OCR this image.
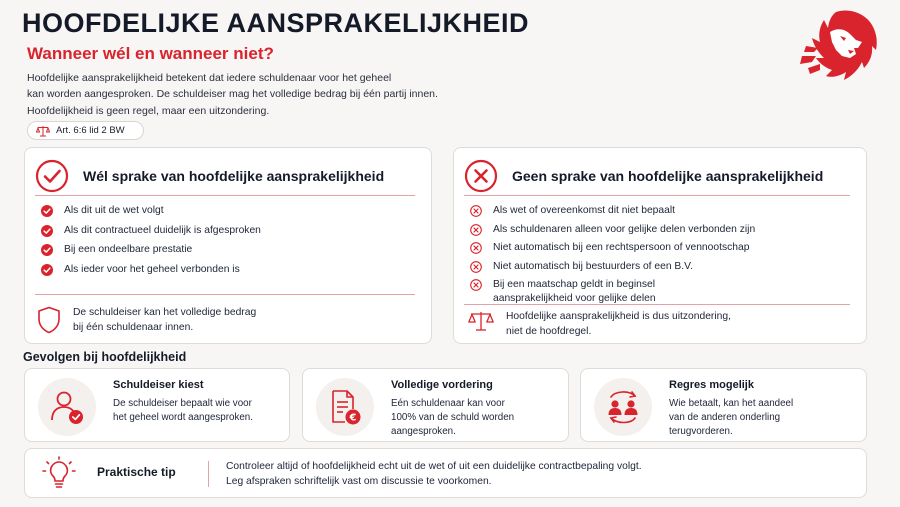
HOOFDELIJKE AANSPRAKELIJKHEID
Wanneer wél en wanneer niet?

Hoofdelijke aansprakelijkheid betekent dat iedere schuldenaar voor het geheel

kan worden aangesproken. De schuldeiser mag het volledige bedrag bij één partij innen.

Hoofdelijkheid is geen regel, maar een uitzondering.

Art. 6:6 lid 2 BW
Wél sprake van hoofdelijke aansprakelijkheid
Als dit uit de wet volgt
Als dit contractueel duidelijk is afgesproken
Bij een ondeelbare prestatie
Als ieder voor het geheel verbonden is
De schuldeiser kan het volledige bedrag
bij één schuldenaar innen.
Geen sprake van hoofdelijke aansprakelijkheid
Als wet of overeenkomst dit niet bepaalt
Als schuldenaren alleen voor gelijke delen verbonden zijn
Niet automatisch bij een rechtspersoon of vennootschap
Niet automatisch bij bestuurders of een B.V.
Bij een maatschap geldt in beginsel
aansprakelijkheid voor gelijke delen
Hoofdelijke aansprakelijkheid is dus uitzondering,
niet de hoofdregel.
Gevolgen bij hoofdelijkheid
Schuldeiser kiest
De schuldeiser bepaalt wie voor
het geheel wordt aangesproken.	€
Volledige vordering
Eén schuldenaar kan voor
100% van de schuld worden
aangesproken.
Regres mogelijk
Wie betaalt, kan het aandeel
van de anderen onderling
terugvorderen.
Praktische tip	Controleer altijd of hoofdelijkheid echt uit de wet of uit een duidelijke contractbepaling volgt.
Leg afspraken schriftelijk vast om discussie te voorkomen.
